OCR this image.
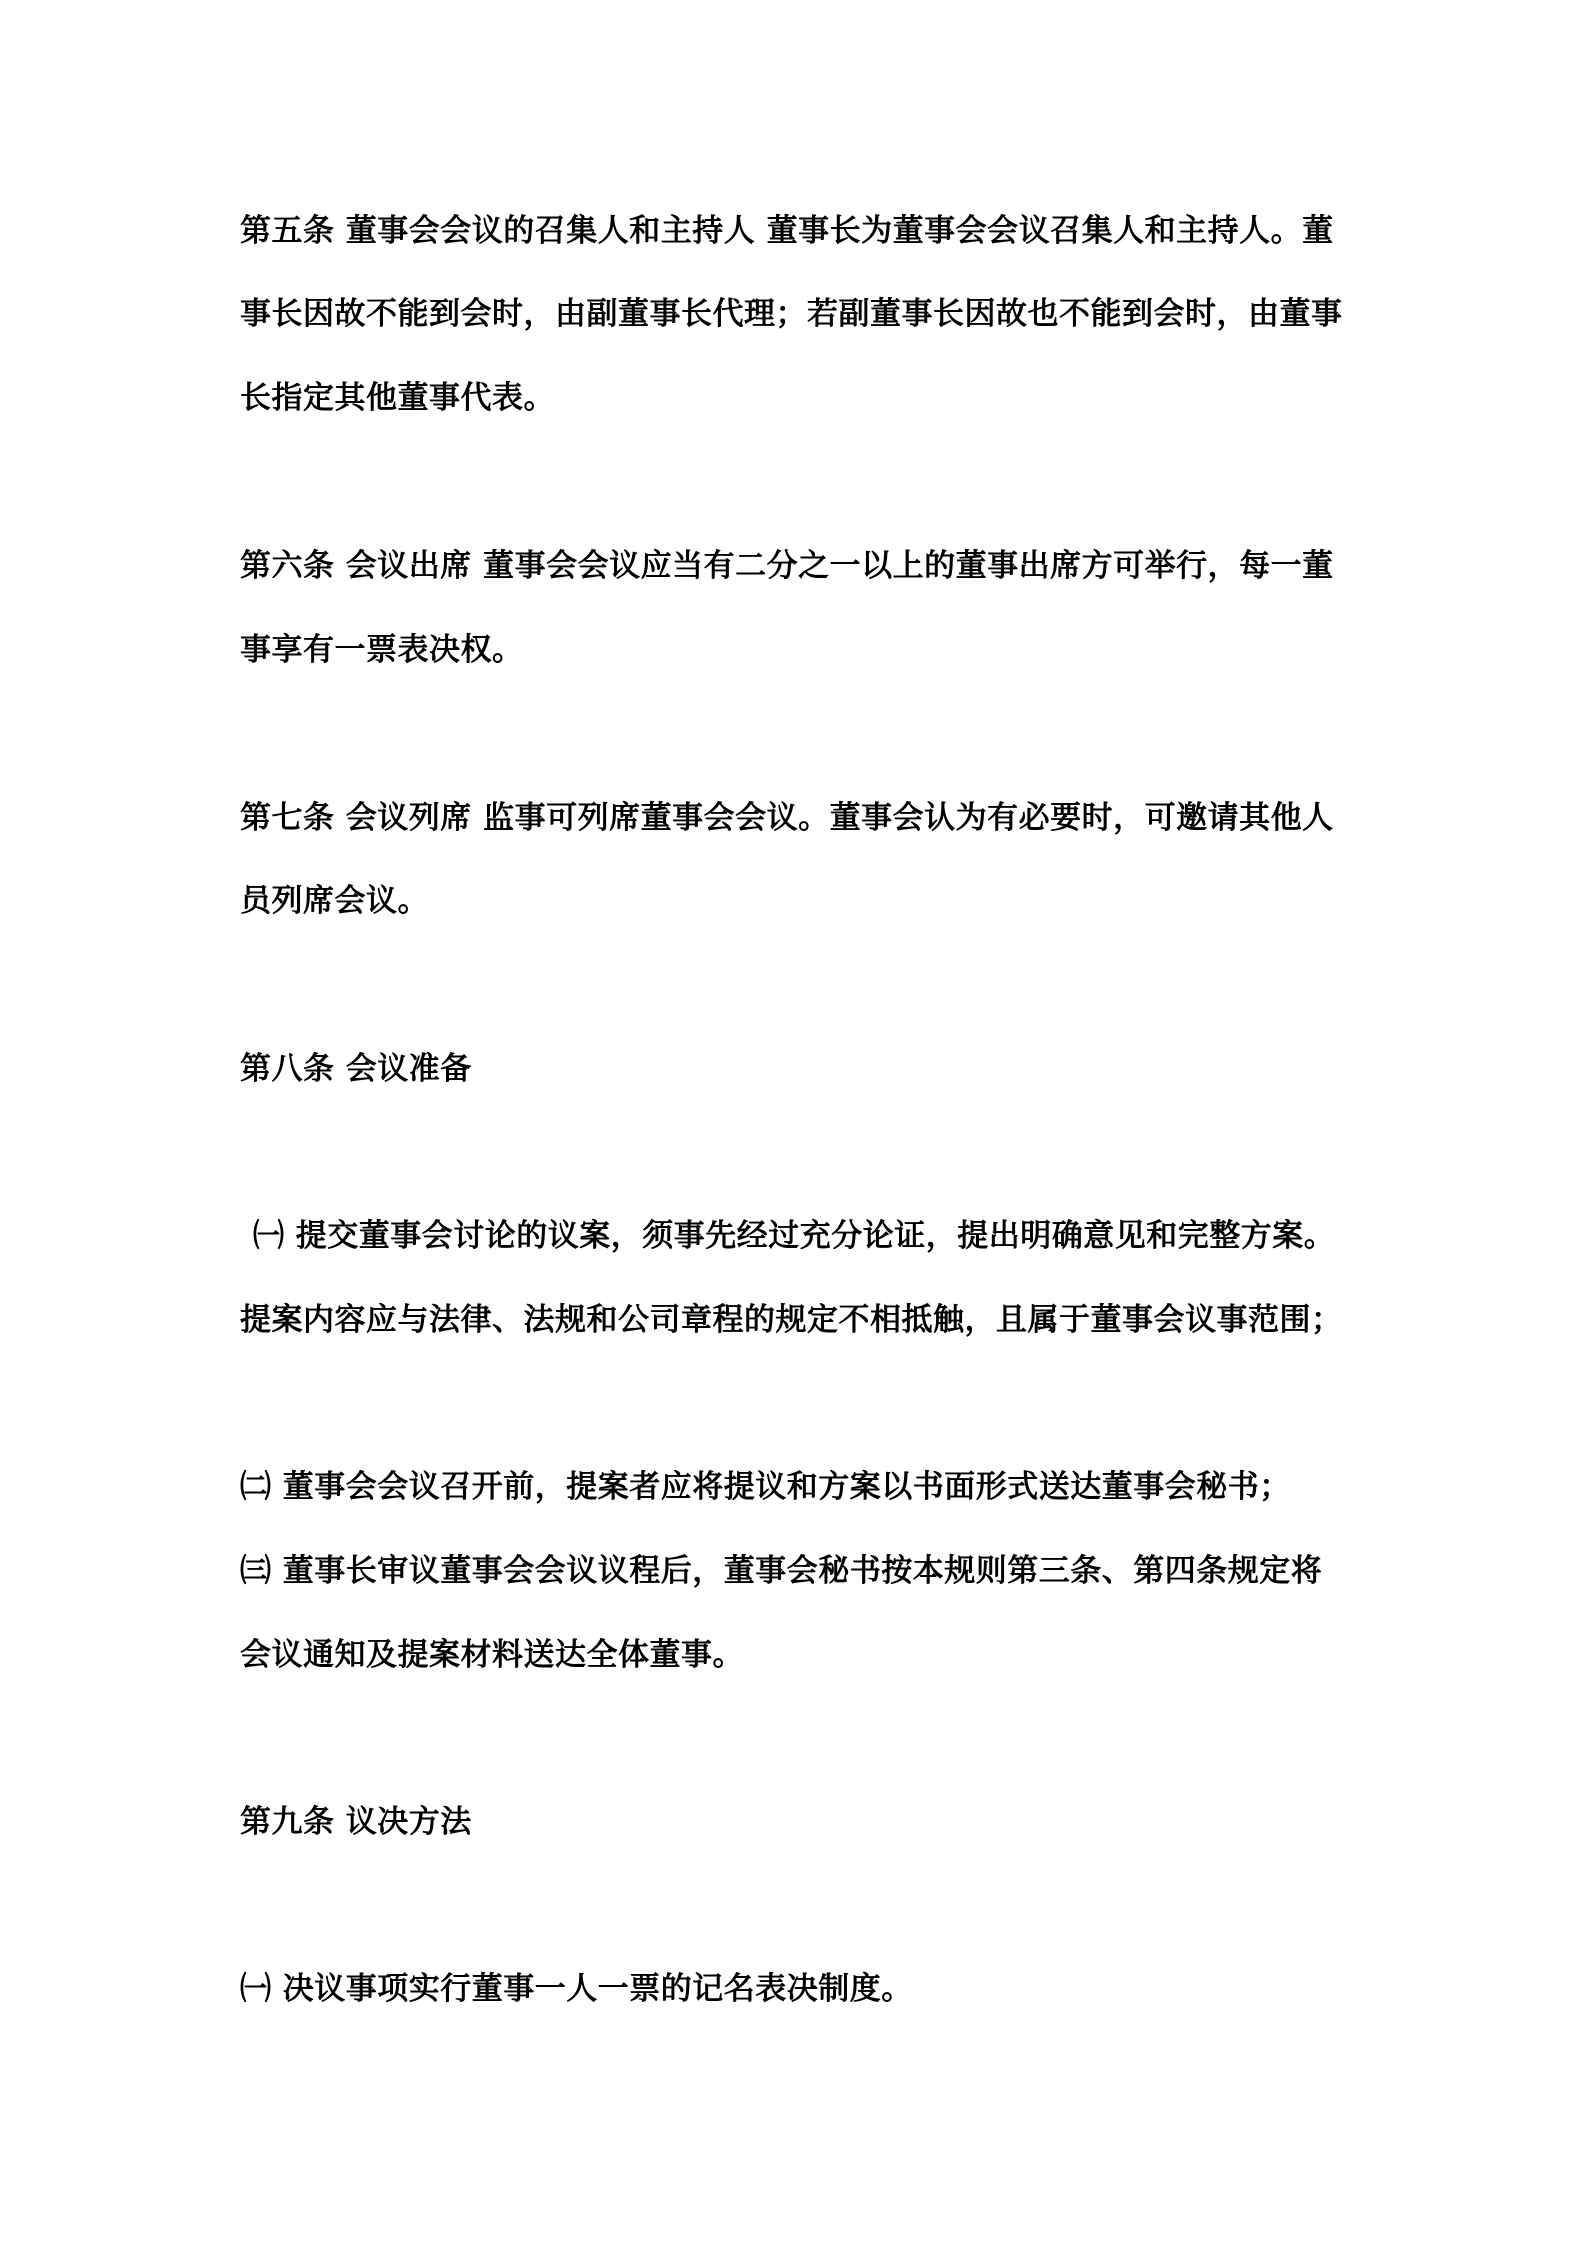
第五条 董事会会议的召集人和主持人 董事长为董事会会议召集人和主持人。董
事长因故不能到会时，由副董事长代理；若副董事长因故也不能到会时，由董事
长指定其他董事代表。
第六条 会议出席 董事会会议应当有二分之一以上的董事出席方可举行，每一董
事享有一票表决权。
第七条 会议列席 监事可列席董事会会议。董事会认为有必要时，可邀请其他人
员列席会议。
第八条 会议准备
㈠ 提交董事会讨论的议案，须事先经过充分论证，提出明确意见和完整方案。
提案内容应与法律、法规和公司章程的规定不相抵触，且属于董事会议事范围；
㈡ 董事会会议召开前，提案者应将提议和方案以书面形式送达董事会秘书；
㈢ 董事长审议董事会会议议程后，董事会秘书按本规则第三条、第四条规定将
会议通知及提案材料送达全体董事。
第九条 议决方法
㈠ 决议事项实行董事一人一票的记名表决制度。
